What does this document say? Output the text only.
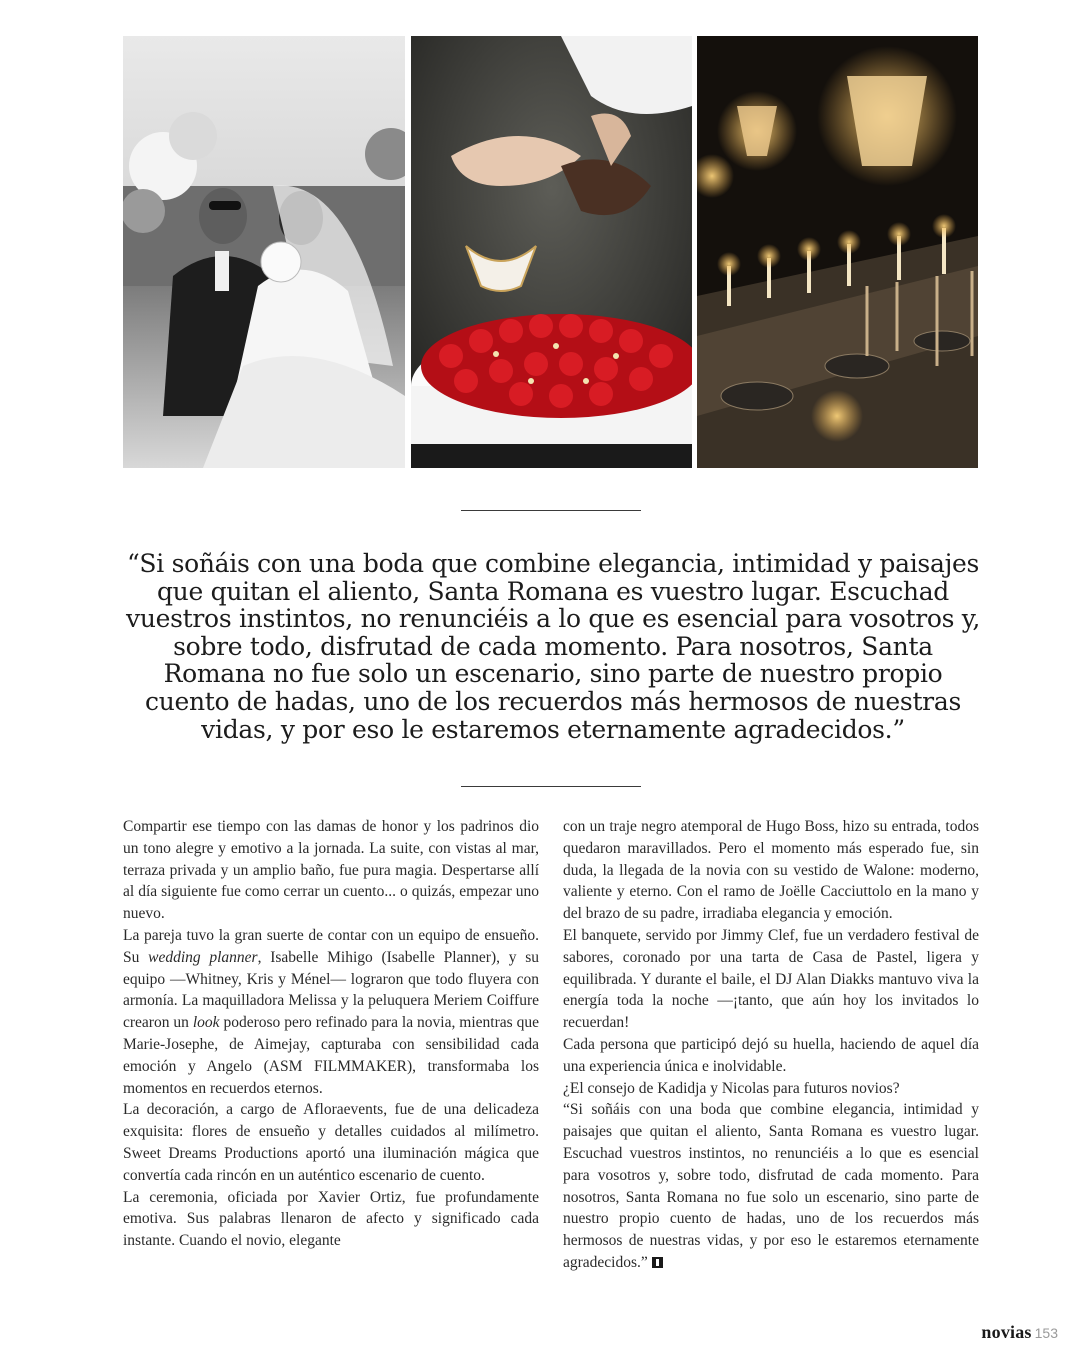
“Si soñáis con una boda que combine elegancia, intimidad y paisajes que quitan el aliento, Santa Romana es vuestro lugar. Escuchad vuestros instintos, no renunciéis a lo que es esencial para vosotros y, sobre todo, disfrutad de cada momento. Para nosotros, Santa Romana no fue solo un escenario, sino parte de nuestro propio cuento de hadas, uno de los recuerdos más hermosos de nuestras vidas, y por eso le estaremos eternamente agradecidos.”

Compartir ese tiempo con las damas de honor y los padrinos dio un tono alegre y emotivo a la jornada. La suite, con vistas al mar, terraza privada y un amplio baño, fue pura magia. Despertarse allí al día siguiente fue como cerrar un cuento... o quizás, empezar uno nuevo.

La pareja tuvo la gran suerte de contar con un equipo de ensueño. Su wedding planner, Isabelle Mihigo (Isabelle Planner), y su equipo —Whitney, Kris y Ménel— lograron que todo fluyera con armonía. La maquilladora Melissa y la peluquera Meriem Coiffure crearon un look poderoso pero refinado para la novia, mientras que Marie-Josephe, de Aimejay, capturaba con sensibilidad cada emoción y Angelo (ASM FILMMAKER), transformaba los momentos en recuerdos eternos.

La decoración, a cargo de Afloraevents, fue de una delicadeza exquisita: flores de ensueño y detalles cuidados al milímetro. Sweet Dreams Productions aportó una iluminación mágica que convertía cada rincón en un auténtico escenario de cuento.

La ceremonia, oficiada por Xavier Ortiz, fue profundamente emotiva. Sus palabras llenaron de afecto y significado cada instante. Cuando el novio, elegante

con un traje negro atemporal de Hugo Boss, hizo su entrada, todos quedaron maravillados. Pero el momento más esperado fue, sin duda, la llegada de la novia con su vestido de Walone: moderno, valiente y eterno. Con el ramo de Joëlle Cacciuttolo en la mano y del brazo de su padre, irradiaba elegancia y emoción.

El banquete, servido por Jimmy Clef, fue un verdadero festival de sabores, coronado por una tarta de Casa de Pastel, ligera y equilibrada. Y durante el baile, el DJ Alan Diakks mantuvo viva la energía toda la noche —¡tanto, que aún hoy los invitados lo recuerdan!

Cada persona que participó dejó su huella, haciendo de aquel día una experiencia única e inolvidable.

¿El consejo de Kadidja y Nicolas para futuros novios?

“Si soñáis con una boda que combine elegancia, intimidad y paisajes que quitan el aliento, Santa Romana es vuestro lugar. Escuchad vuestros instintos, no renunciéis a lo que es esencial para vosotros y, sobre todo, disfrutad de cada momento. Para nosotros, Santa Romana no fue solo un escenario, sino parte de nuestro propio cuento de hadas, uno de los recuerdos más hermosos de nuestras vidas, y por eso le estaremos eternamente agradecidos.”

novias 153
